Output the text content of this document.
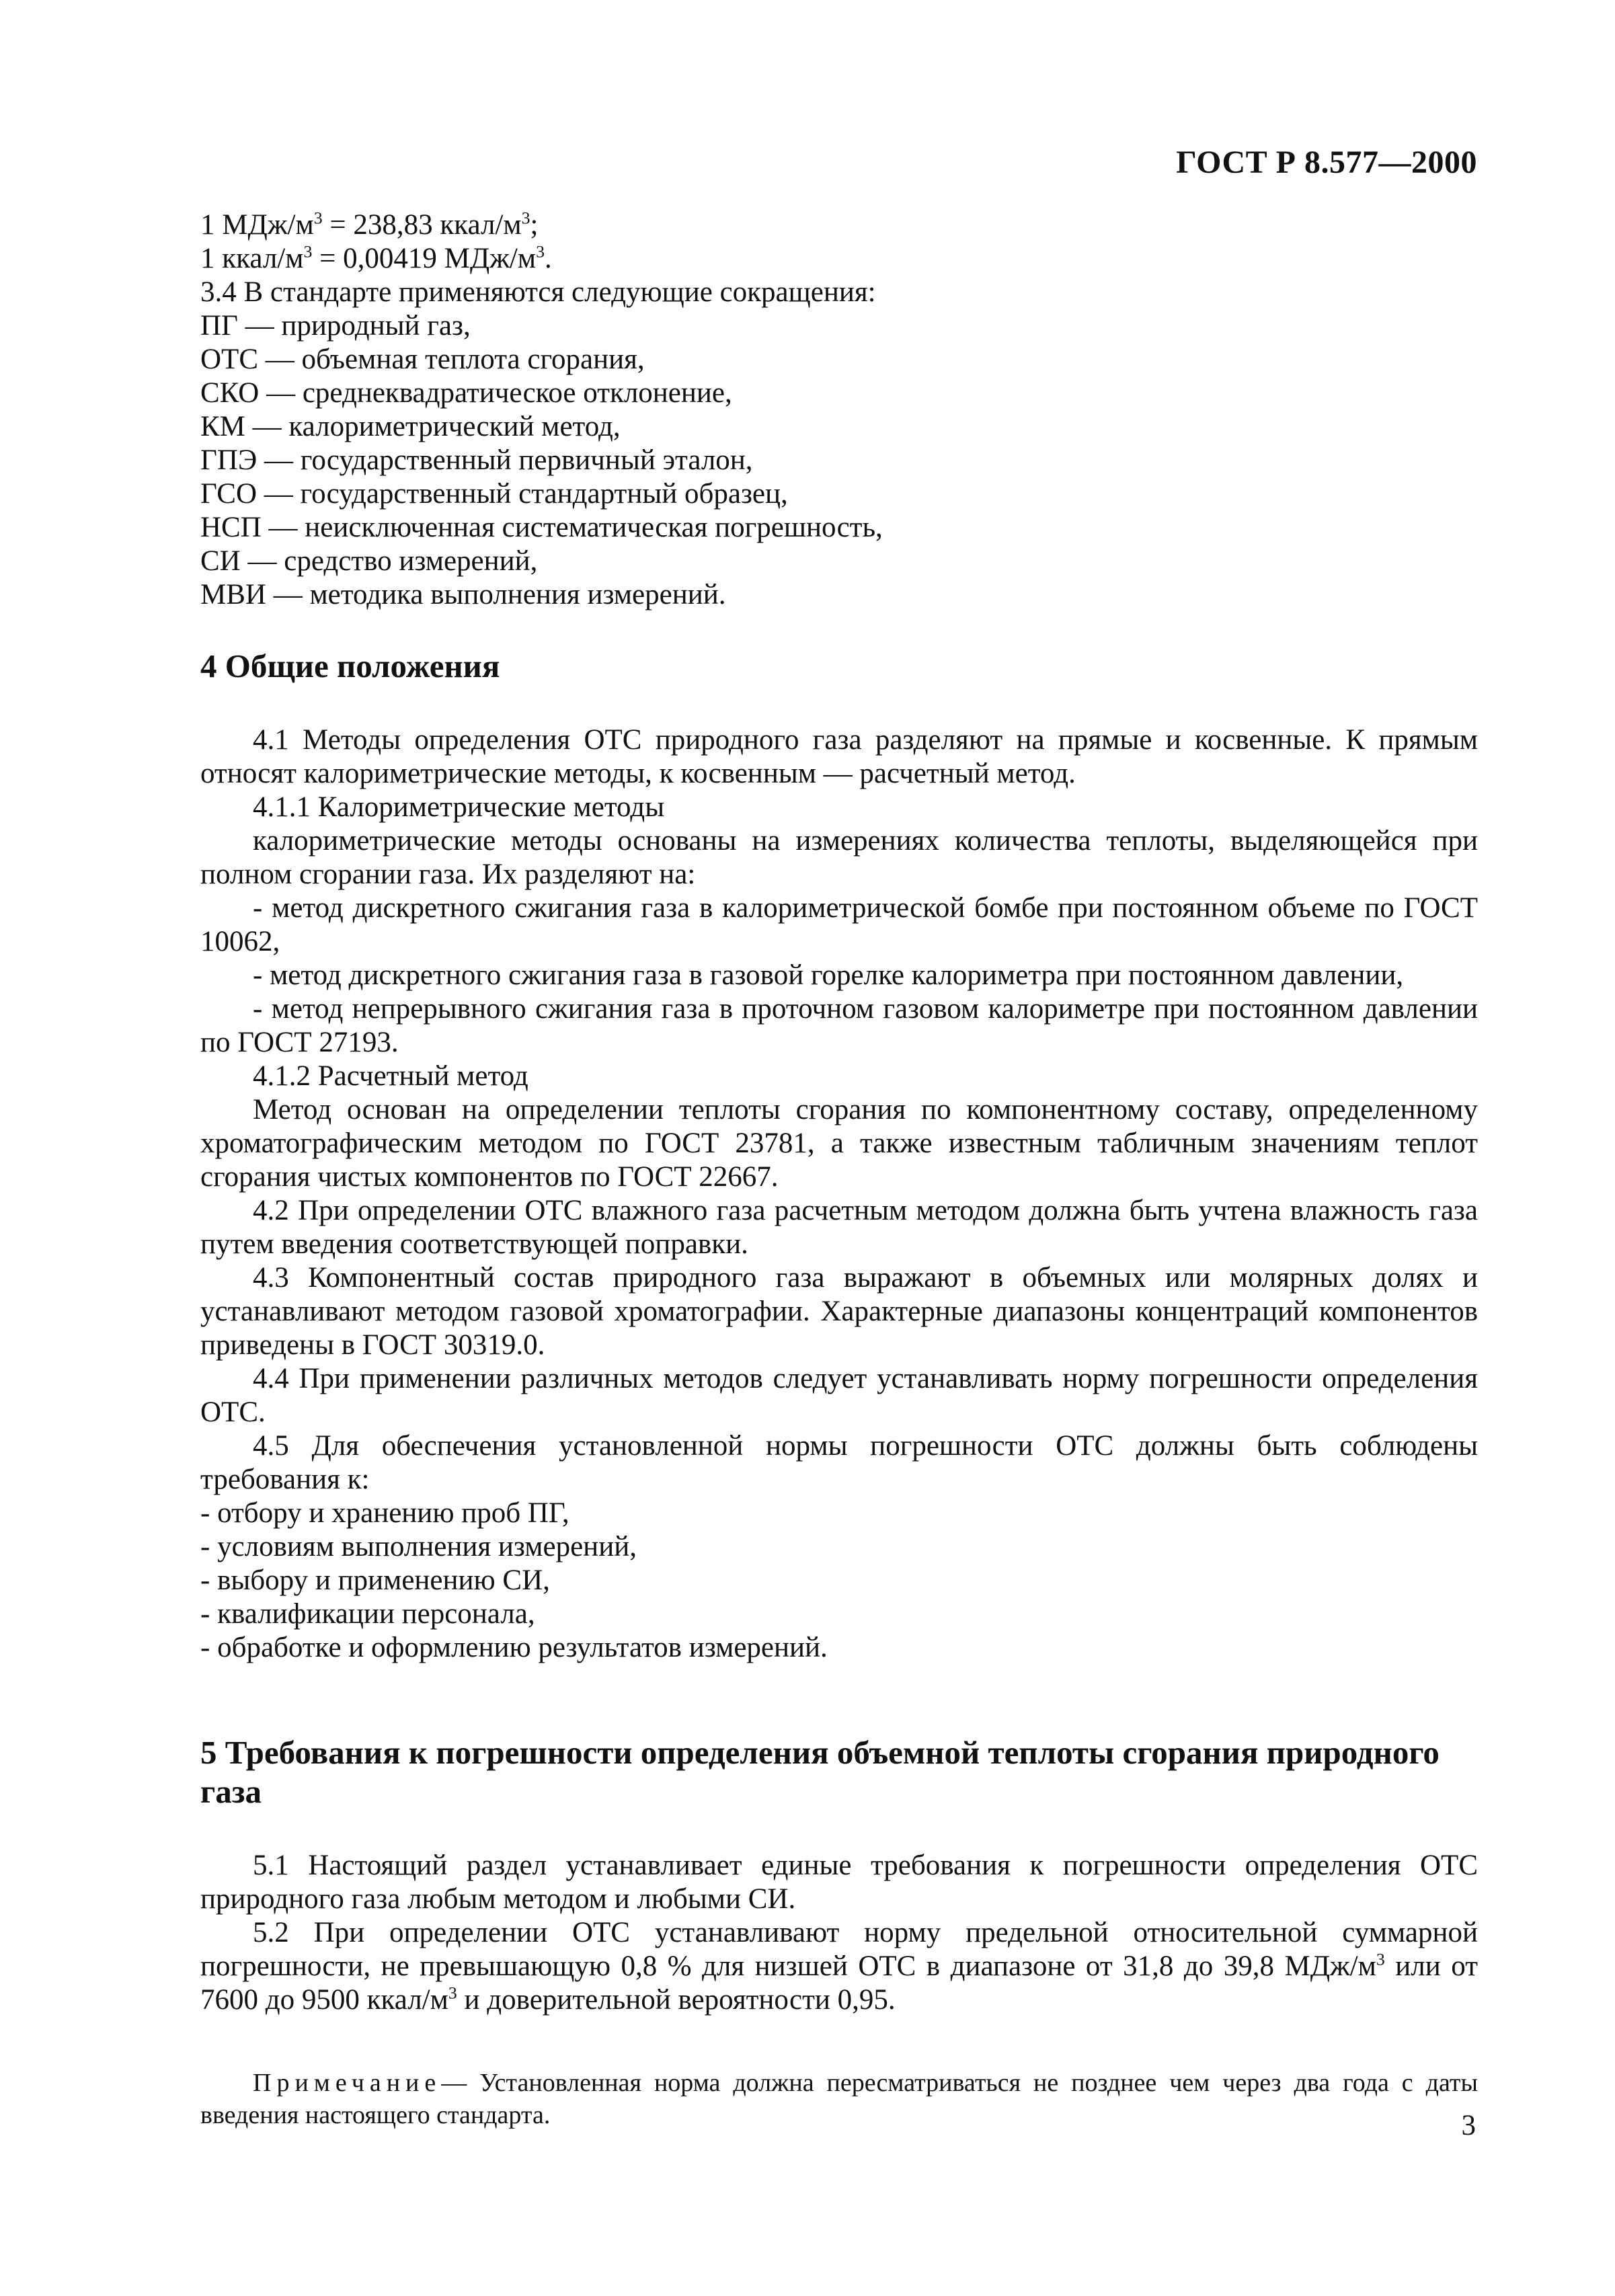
ГОСТ Р 8.577—2000
1 МДж/$м^3 = 238,83$ ккал/$м^3$;
1 ккал/$м^3 = 0,00419$ МДж/$м^3$.
3.4 В стандарте применяются следующие сокращения:
ПГ — природный газ,
ОТС — объемная теплота сгорания,
СКО — среднеквадратическое отклонение,
КМ — калориметрический метод,
ГПЭ — государственный первичный эталон,
ГСО — государственный стандартный образец,
НСП — неисключенная систематическая погрешность,
СИ — средство измерений,
МВИ — методика выполнения измерений.
4 Общие положения
4.1 Методы определения ОТС природного газа разделяют на прямые и косвенные. К прямым относят калориметрические методы, к косвенным — расчетный метод.
4.1.1 Калориметрические методы
калориметрические методы основаны на измерениях количества теплоты, выделяющейся при полном сгорании газа. Их разделяют на:
- метод дискретного сжигания газа в калориметрической бомбе при постоянном объеме по ГОСТ 10062,
- метод дискретного сжигания газа в газовой горелке калориметра при постоянном давлении,
- метод непрерывного сжигания газа в проточном газовом калориметре при постоянном давлении по ГОСТ 27193.
4.1.2 Расчетный метод
Метод основан на определении теплоты сгорания по компонентному составу, определенному хроматографическим методом по ГОСТ 23781, а также известным табличным значениям теплот сгорания чистых компонентов по ГОСТ 22667.
4.2 При определении ОТС влажного газа расчетным методом должна быть учтена влажность газа путем введения соответствующей поправки.
4.3 Компонентный состав природного газа выражают в объемных или молярных долях и устанавливают методом газовой хроматографии. Характерные диапазоны концентраций компонентов приведены в ГОСТ 30319.0.
4.4 При применении различных методов следует устанавливать норму погрешности определения ОТС.
4.5 Для обеспечения установленной нормы погрешности ОТС должны быть соблюдены требования к:
- отбору и хранению проб ПГ,
- условиям выполнения измерений,
- выбору и применению СИ,
- квалификации персонала,
- обработке и оформлению результатов измерений.
5 Требования к погрешности определения объемной теплоты сгорания природного газа
5.1 Настоящий раздел устанавливает единые требования к погрешности определения ОТС природного газа любым методом и любыми СИ.
5.2 При определении ОТС устанавливают норму предельной относительной суммарной погрешности, не превышающую 0,8 % для низшей ОТС в диапазоне от 31,8 до 39,8 МДж/$м^3$ или от 7600 до 9500 ккал/$м^3$ и доверительной вероятности 0,95.
Примечание— Установленная норма должна пересматриваться не позднее чем через два года с даты введения настоящего стандарта.	3
